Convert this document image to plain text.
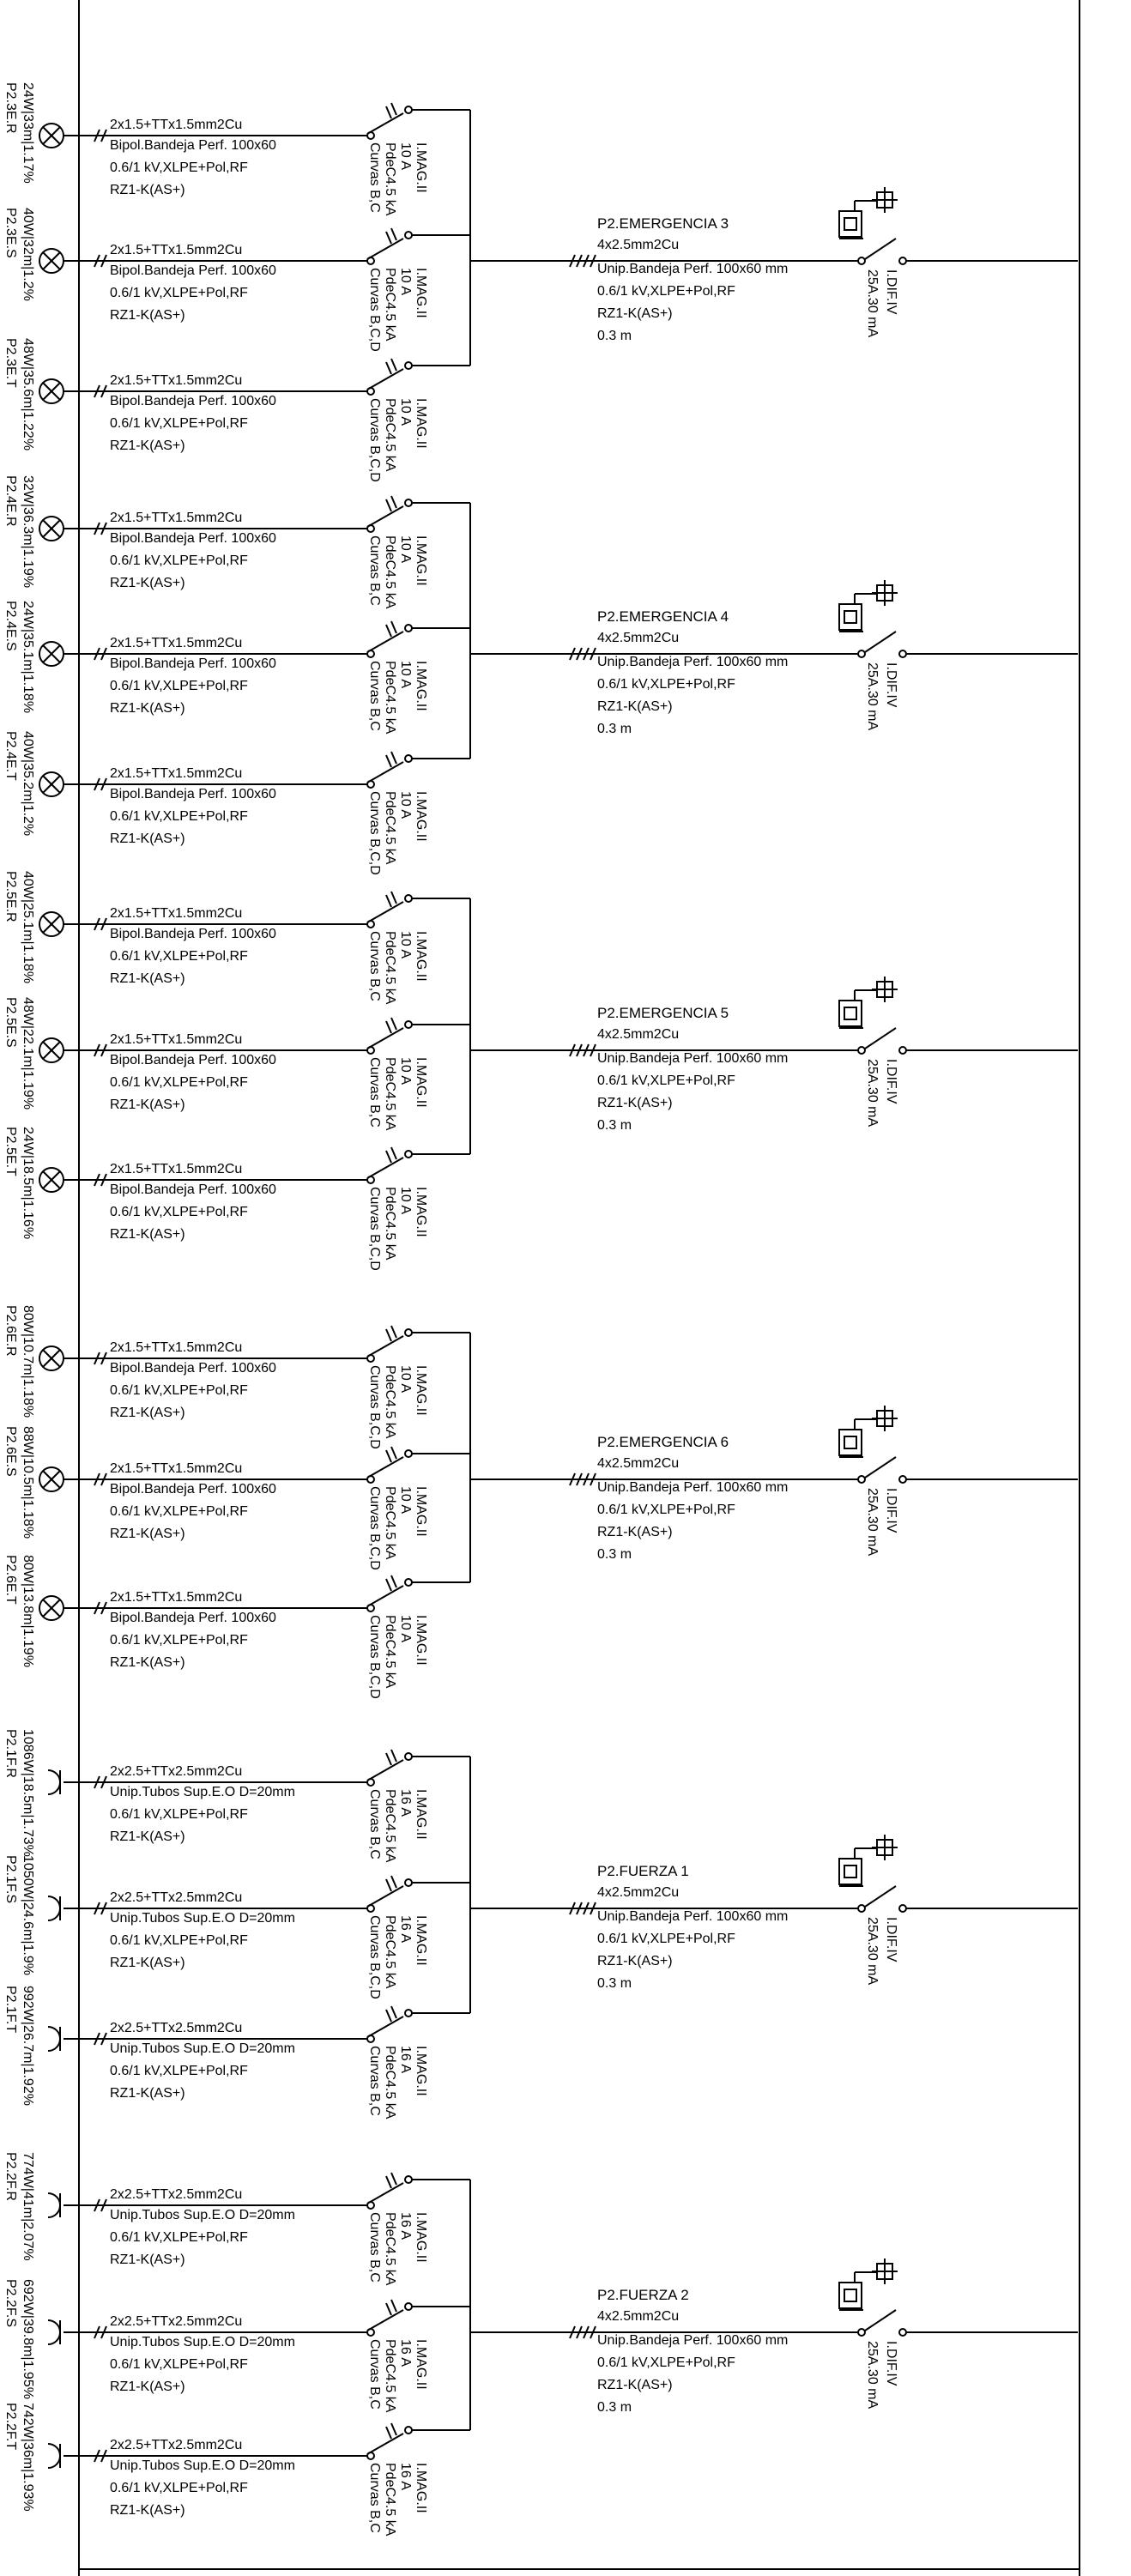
P2.3E.R 24W|33m|1.17%	2x1.5+TTx1.5mm2Cu
Bipol.Bandeja Perf. 100x60
0.6/1 kV,XLPE+Pol,RF
RZ1-K(AS+)	Curvas B,C PdeC4.5 kA 10 A I.MAG.II
P2.3E.S 40W|32m|1.2%	2x1.5+TTx1.5mm2Cu
Bipol.Bandeja Perf. 100x60
0.6/1 kV,XLPE+Pol,RF
RZ1-K(AS+)	Curvas B,C,D PdeC4.5 kA 10 A I.MAG.II
P2.3E.T 48W|35.6m|1.22%	2x1.5+TTx1.5mm2Cu
Bipol.Bandeja Perf. 100x60
0.6/1 kV,XLPE+Pol,RF
RZ1-K(AS+)	Curvas B,C,D PdeC4.5 kA 10 A I.MAG.II
P2.4E.R 32W|36.3m|1.19%	2x1.5+TTx1.5mm2Cu
Bipol.Bandeja Perf. 100x60
0.6/1 kV,XLPE+Pol,RF
RZ1-K(AS+)	Curvas B,C PdeC4.5 kA 10 A I.MAG.II
P2.4E.S 24W|35.1m|1.18%	2x1.5+TTx1.5mm2Cu
Bipol.Bandeja Perf. 100x60
0.6/1 kV,XLPE+Pol,RF
RZ1-K(AS+)	Curvas B,C PdeC4.5 kA 10 A I.MAG.II
P2.4E.T 40W|35.2m|1.2%	2x1.5+TTx1.5mm2Cu
Bipol.Bandeja Perf. 100x60
0.6/1 kV,XLPE+Pol,RF
RZ1-K(AS+)	Curvas B,C,D PdeC4.5 kA 10 A I.MAG.II
P2.5E.R 40W|25.1m|1.18%	2x1.5+TTx1.5mm2Cu
Bipol.Bandeja Perf. 100x60
0.6/1 kV,XLPE+Pol,RF
RZ1-K(AS+)	Curvas B,C PdeC4.5 kA 10 A I.MAG.II
P2.5E.S 48W|22.1m|1.19%	2x1.5+TTx1.5mm2Cu
Bipol.Bandeja Perf. 100x60
0.6/1 kV,XLPE+Pol,RF
RZ1-K(AS+)	Curvas B,C PdeC4.5 kA 10 A I.MAG.II
P2.5E.T 24W|18.5m|1.16%	2x1.5+TTx1.5mm2Cu
Bipol.Bandeja Perf. 100x60
0.6/1 kV,XLPE+Pol,RF
RZ1-K(AS+)	Curvas B,C,D PdeC4.5 kA 10 A I.MAG.II
P2.6E.R 80W|10.7m|1.18%	2x1.5+TTx1.5mm2Cu
Bipol.Bandeja Perf. 100x60
0.6/1 kV,XLPE+Pol,RF
RZ1-K(AS+)	Curvas B,C,D PdeC4.5 kA 10 A I.MAG.II
P2.6E.S 88W|10.5m|1.18%	2x1.5+TTx1.5mm2Cu
Bipol.Bandeja Perf. 100x60
0.6/1 kV,XLPE+Pol,RF
RZ1-K(AS+)	Curvas B,C,D PdeC4.5 kA 10 A I.MAG.II
P2.6E.T 80W|13.8m|1.19%	2x1.5+TTx1.5mm2Cu
Bipol.Bandeja Perf. 100x60
0.6/1 kV,XLPE+Pol,RF
RZ1-K(AS+)	Curvas B,C,D PdeC4.5 kA 10 A I.MAG.II
P2.1F.R 1086W|18.5m|1.73%	2x2.5+TTx2.5mm2Cu
Unip.Tubos Sup.E.O D=20mm
0.6/1 kV,XLPE+Pol,RF
RZ1-K(AS+)	Curvas B,C PdeC4.5 kA 16 A I.MAG.II
P2.1F.S 1050W|24.6m|1.9%	2x2.5+TTx2.5mm2Cu
Unip.Tubos Sup.E.O D=20mm
0.6/1 kV,XLPE+Pol,RF
RZ1-K(AS+)	Curvas B,C,D PdeC4.5 kA 16 A I.MAG.II
P2.1F.T 992W|26.7m|1.92%	2x2.5+TTx2.5mm2Cu
Unip.Tubos Sup.E.O D=20mm
0.6/1 kV,XLPE+Pol,RF
RZ1-K(AS+)	Curvas B,C PdeC4.5 kA 16 A I.MAG.II
P2.2F.R 774W|41m|2.07%	2x2.5+TTx2.5mm2Cu
Unip.Tubos Sup.E.O D=20mm
0.6/1 kV,XLPE+Pol,RF
RZ1-K(AS+)	Curvas B,C PdeC4.5 kA 16 A I.MAG.II
P2.2F.S 692W|39.8m|1.95%	2x2.5+TTx2.5mm2Cu
Unip.Tubos Sup.E.O D=20mm
0.6/1 kV,XLPE+Pol,RF
RZ1-K(AS+)	Curvas B,C PdeC4.5 kA 16 A I.MAG.II
P2.2F.T 742W|36m|1.93%	2x2.5+TTx2.5mm2Cu
Unip.Tubos Sup.E.O D=20mm
0.6/1 kV,XLPE+Pol,RF
RZ1-K(AS+)	Curvas B,C PdeC4.5 kA 16 A I.MAG.II
P2.EMERGENCIA 3
4x2.5mm2Cu
Unip.Bandeja Perf. 100x60 mm
0.6/1 kV,XLPE+Pol,RF
RZ1-K(AS+)
0.3 m	25A.30 mA I.DIF.IV
P2.EMERGENCIA 4
4x2.5mm2Cu
Unip.Bandeja Perf. 100x60 mm
0.6/1 kV,XLPE+Pol,RF
RZ1-K(AS+)
0.3 m	25A.30 mA I.DIF.IV
P2.EMERGENCIA 5
4x2.5mm2Cu
Unip.Bandeja Perf. 100x60 mm
0.6/1 kV,XLPE+Pol,RF
RZ1-K(AS+)
0.3 m	25A.30 mA I.DIF.IV
P2.EMERGENCIA 6
4x2.5mm2Cu
Unip.Bandeja Perf. 100x60 mm
0.6/1 kV,XLPE+Pol,RF
RZ1-K(AS+)
0.3 m	25A.30 mA I.DIF.IV
P2.FUERZA 1
4x2.5mm2Cu
Unip.Bandeja Perf. 100x60 mm
0.6/1 kV,XLPE+Pol,RF
RZ1-K(AS+)
0.3 m	25A.30 mA I.DIF.IV
P2.FUERZA 2
4x2.5mm2Cu
Unip.Bandeja Perf. 100x60 mm
0.6/1 kV,XLPE+Pol,RF
RZ1-K(AS+)
0.3 m	25A.30 mA I.DIF.IV
